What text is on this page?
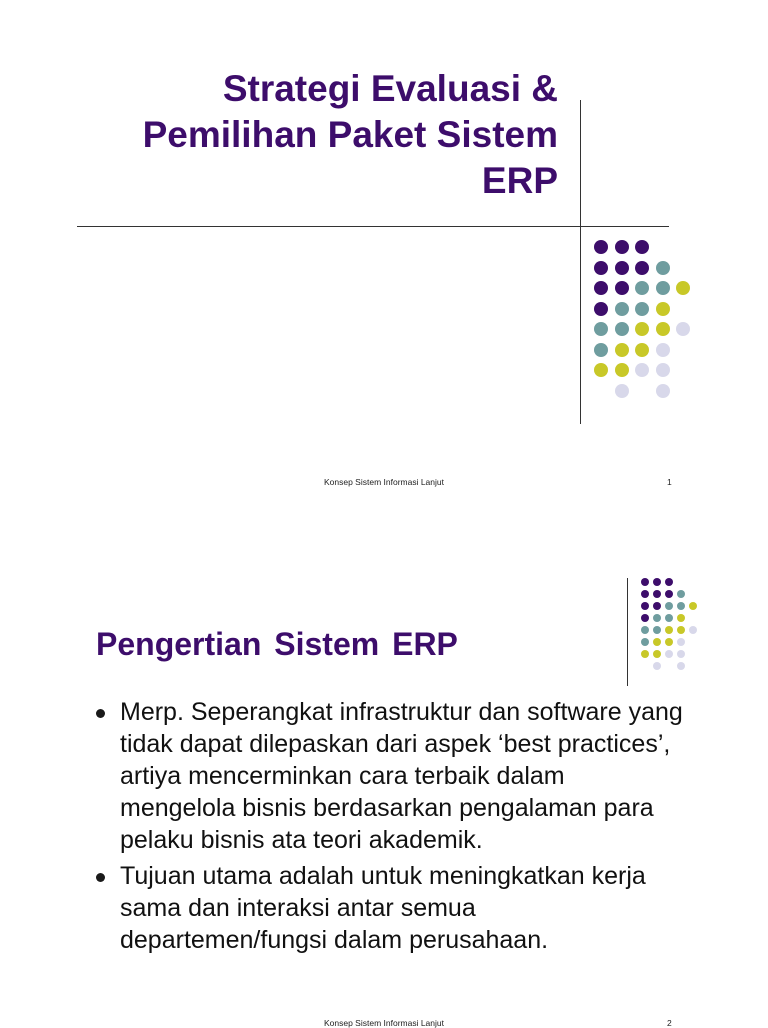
Strategi Evaluasi &
Pemilihan Paket Sistem
ERP
Konsep Sistem Informasi Lanjut	1
Pengertian Sistem ERP
Merp. Seperangkat infrastruktur dan software yang tidak dapat dilepaskan dari aspek ‘best practices’, artiya mencerminkan cara terbaik dalam mengelola bisnis berdasarkan pengalaman para pelaku bisnis ata teori akademik.
Tujuan utama adalah untuk meningkatkan kerja sama dan interaksi antar semua departemen/fungsi dalam perusahaan.
Konsep Sistem Informasi Lanjut	2
